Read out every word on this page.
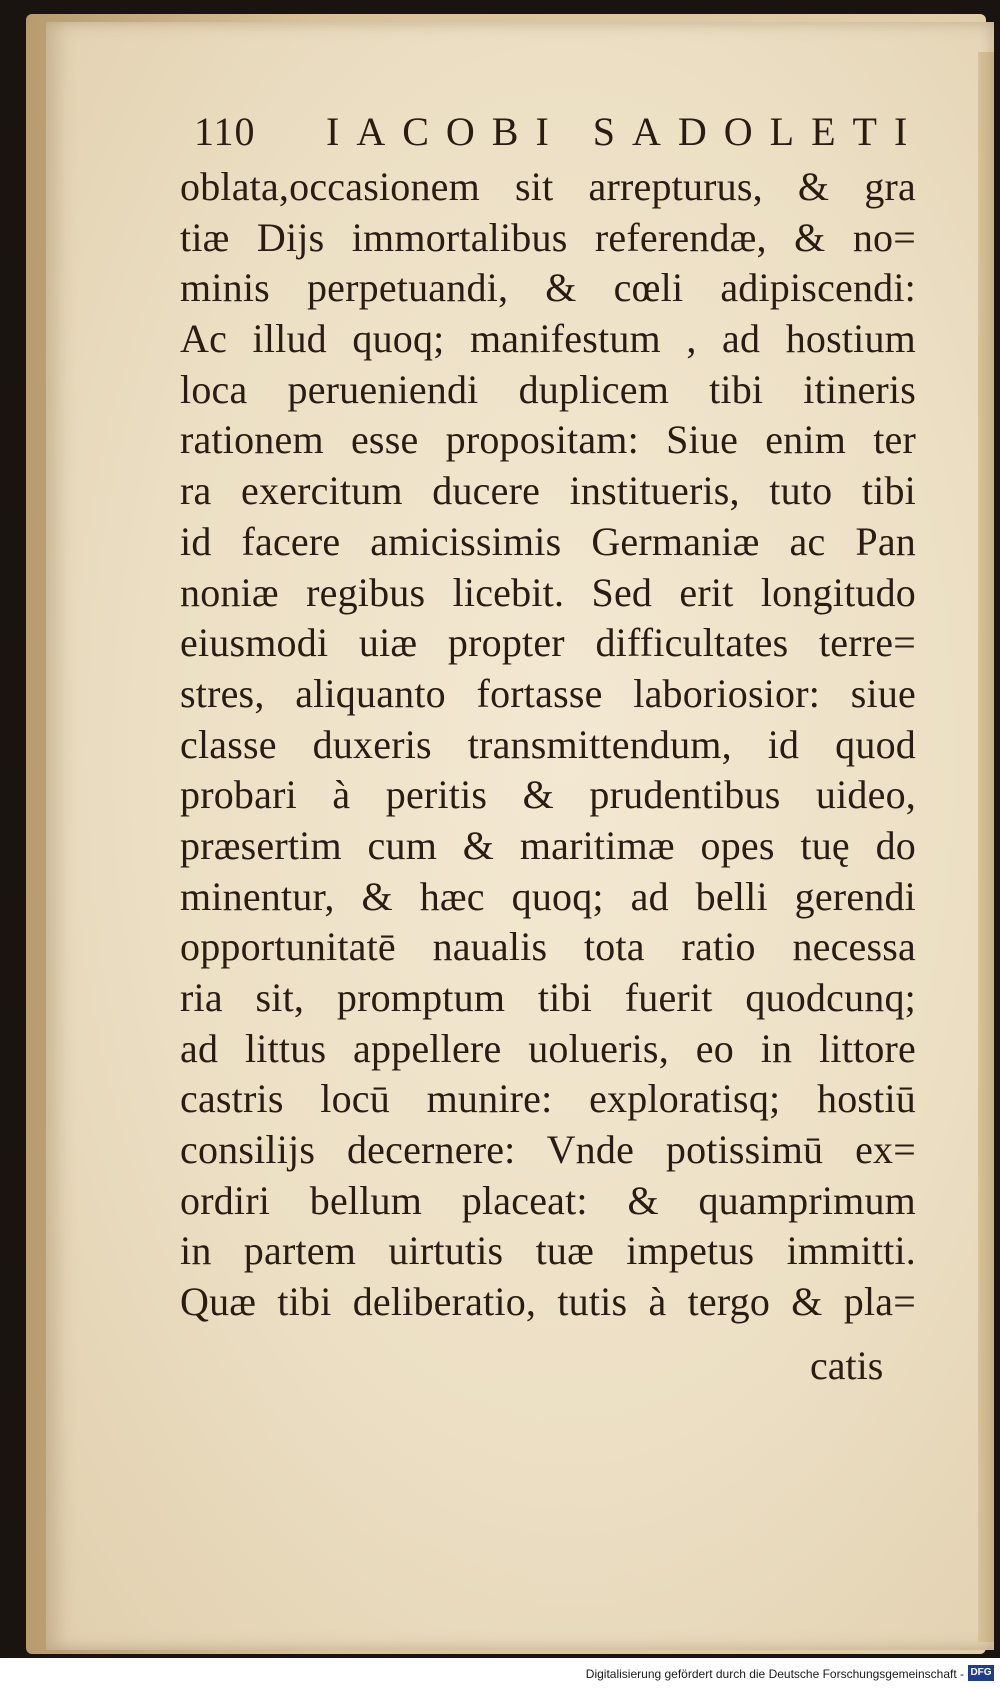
110 IACOBI SADOLETI
oblata,occasionem sit arrepturus, & gra
tiæ Dijs immortalibus referendæ, & no=
minis perpetuandi, & cœli adipiscendi:
Ac illud quoq; manifestum , ad hostium
loca perueniendi duplicem tibi itineris
rationem esse propositam: Siue enim ter
ra exercitum ducere institueris, tuto tibi
id facere amicissimis Germaniæ ac Pan
noniæ regibus licebit. Sed erit longitudo
eiusmodi uiæ propter difficultates terre=
stres, aliquanto fortasse laboriosior: siue
classe duxeris transmittendum, id quod
probari à peritis & prudentibus uideo,
præsertim cum & maritimæ opes tuę do
minentur, & hæc quoq; ad belli gerendi
opportunitatē naualis tota ratio necessa
ria sit, promptum tibi fuerit quodcunq;
ad littus appellere uolueris, eo in littore
castris locū munire: exploratisq; hostiū
consilijs decernere: Vnde potissimū ex=
ordiri bellum placeat: & quamprimum
in partem uirtutis tuæ impetus immitti.
Quæ tibi deliberatio, tutis à tergo & pla=
catis
Digitalisierung gefördert durch die Deutsche Forschungsgemeinschaft - DFG
